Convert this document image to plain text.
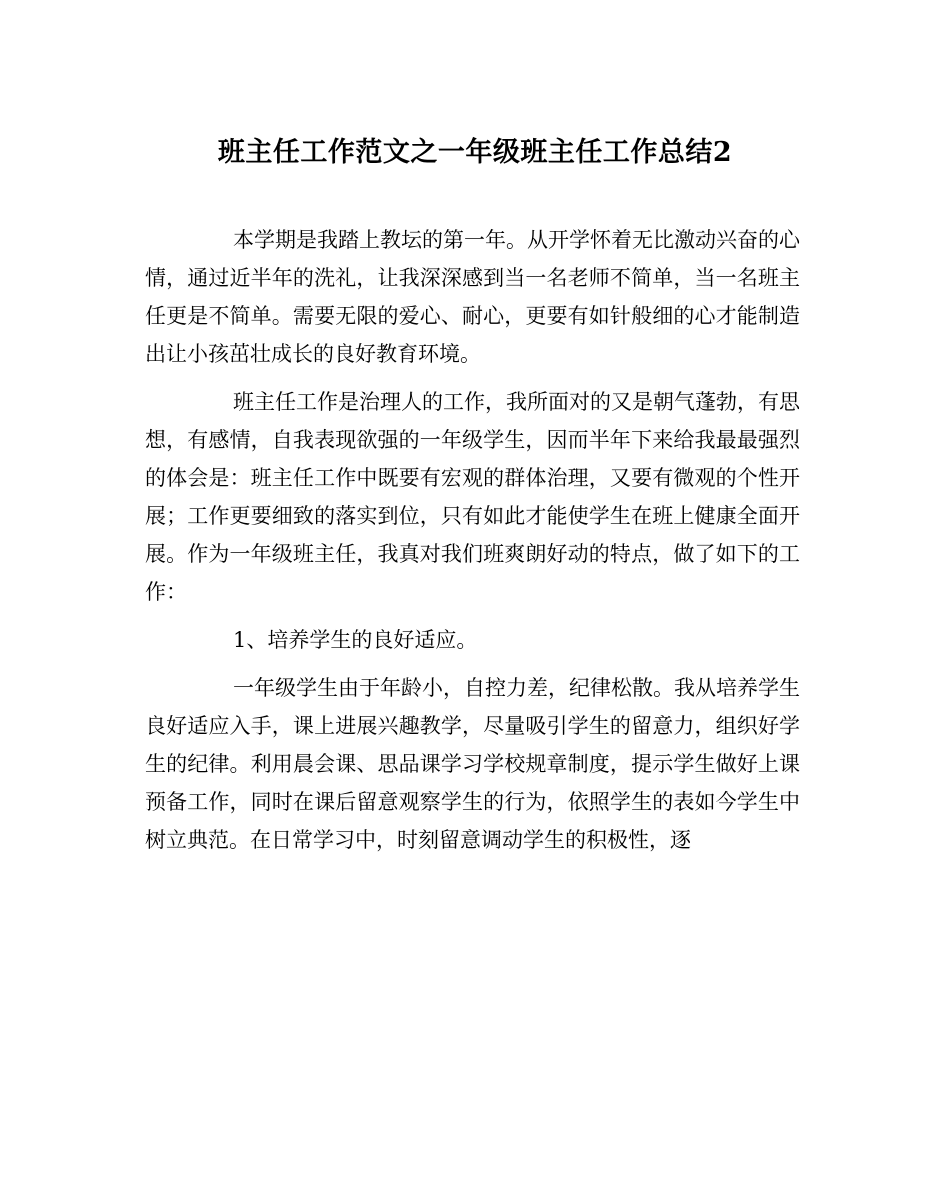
班主任工作范文之一年级班主任工作总结2

本学期是我踏上教坛的第一年。从开学怀着无比激动兴奋的心情，通过近半年的洗礼，让我深深感到当一名老师不简单，当一名班主任更是不简单。需要无限的爱心、耐心，更要有如针般细的心才能制造出让小孩茁壮成长的良好教育环境。

班主任工作是治理人的工作，我所面对的又是朝气蓬勃，有思想，有感情，自我表现欲强的一年级学生，因而半年下来给我最最强烈的体会是：班主任工作中既要有宏观的群体治理，又要有微观的个性开展；工作更要细致的落实到位，只有如此才能使学生在班上健康全面开展。作为一年级班主任，我真对我们班爽朗好动的特点，做了如下的工作：

1、培养学生的良好适应。

一年级学生由于年龄小，自控力差，纪律松散。我从培养学生良好适应入手，课上进展兴趣教学，尽量吸引学生的留意力，组织好学生的纪律。利用晨会课、思品课学习学校规章制度，提示学生做好上课预备工作，同时在课后留意观察学生的行为，依照学生的表如今学生中树立典范。在日常学习中，时刻留意调动学生的积极性，逐
